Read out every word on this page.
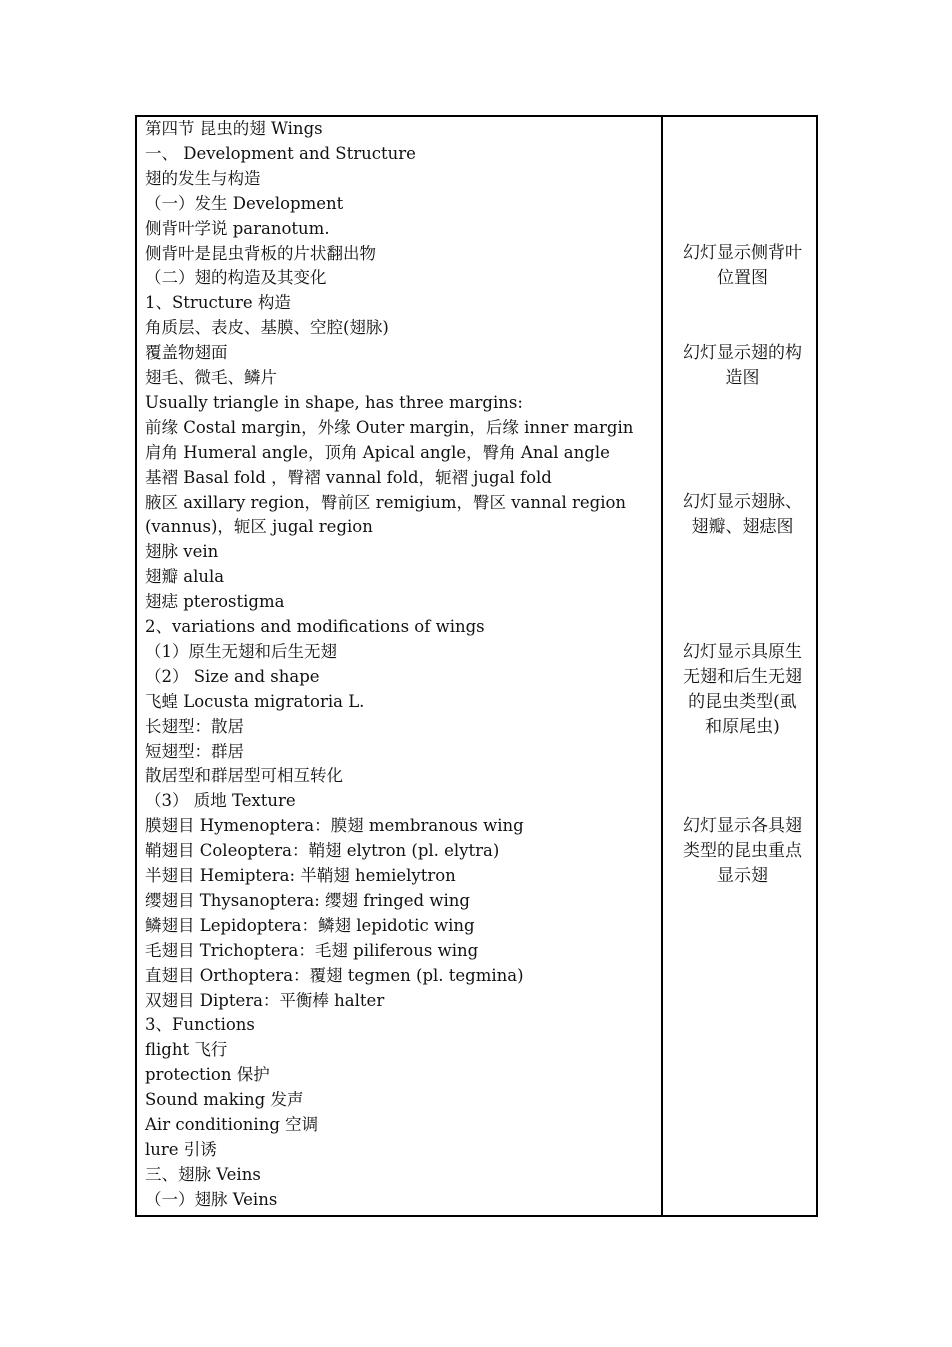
第四节 昆虫的翅 Wings
一、 Development and Structure
翅的发生与构造
（一）发生 Development
侧背叶学说 paranotum.
侧背叶是昆虫背板的片状翻出物
（二）翅的构造及其变化
1、Structure 构造
角质层、表皮、基膜、空腔(翅脉)
覆盖物翅面
翅毛、微毛、鳞片
Usually triangle in shape, has three margins:
前缘 Costal margin，外缘 Outer margin，后缘 inner margin
肩角 Humeral angle，顶角 Apical angle，臀角 Anal angle
基褶 Basal fold ，臀褶 vannal fold，轭褶 jugal fold
腋区 axillary region，臀前区 remigium，臀区 vannal region
(vannus)，轭区 jugal region
翅脉 vein
翅瓣 alula
翅痣 pterostigma
2、variations and modifications of wings
（1）原生无翅和后生无翅
（2） Size and shape
飞蝗 Locusta migratoria L.
长翅型：散居
短翅型：群居
散居型和群居型可相互转化
（3） 质地 Texture
膜翅目 Hymenoptera：膜翅 membranous wing
鞘翅目 Coleoptera：鞘翅 elytron (pl. elytra)
半翅目 Hemiptera: 半鞘翅 hemielytron
缨翅目 Thysanoptera: 缨翅 fringed wing
鳞翅目 Lepidoptera：鳞翅 lepidotic wing
毛翅目 Trichoptera：毛翅 piliferous wing
直翅目 Orthoptera：覆翅 tegmen (pl. tegmina)
双翅目 Diptera：平衡棒 halter
3、Functions
flight 飞行
protection 保护
Sound making 发声
Air conditioning 空调
lure 引诱
三、翅脉 Veins
（一）翅脉 Veins
幻灯显示侧背叶
位置图
幻灯显示翅的构
造图
幻灯显示翅脉、
翅瓣、翅痣图
幻灯显示具原生
无翅和后生无翅
的昆虫类型(虱
和原尾虫)
幻灯显示各具翅
类型的昆虫重点
显示翅
